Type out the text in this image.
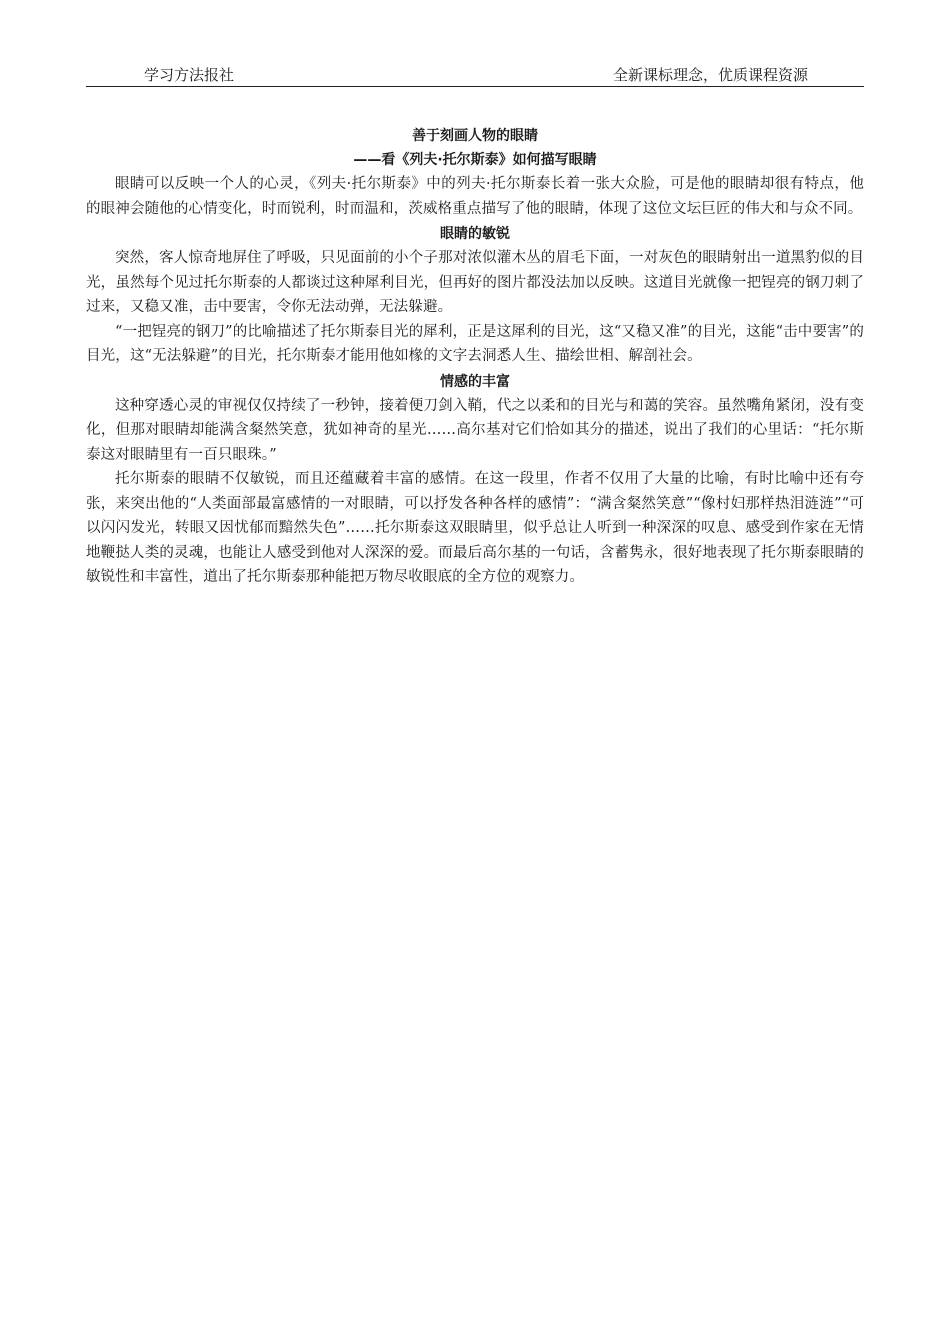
学习方法报社	全新课标理念，优质课程资源
善于刻画人物的眼睛
——看《列夫·托尔斯泰》如何描写眼睛

眼睛可以反映一个人的心灵，《列夫·托尔斯泰》中的列夫·托尔斯泰长着一张大众脸，可是他的眼睛却很有特点，他的眼神会随他的心情变化，时而锐利，时而温和，茨威格重点描写了他的眼睛，体现了这位文坛巨匠的伟大和与众不同。

眼睛的敏锐

突然，客人惊奇地屏住了呼吸，只见面前的小个子那对浓似灌木丛的眉毛下面，一对灰色的眼睛射出一道黑豹似的目光，虽然每个见过托尔斯泰的人都谈过这种犀利目光，但再好的图片都没法加以反映。这道目光就像一把锃亮的钢刀刺了过来，又稳又准，击中要害，令你无法动弹，无法躲避。

“一把锃亮的钢刀”的比喻描述了托尔斯泰目光的犀利，正是这犀利的目光，这“又稳又准”的目光，这能“击中要害”的目光，这“无法躲避”的目光，托尔斯泰才能用他如椽的文字去洞悉人生、描绘世相、解剖社会。

情感的丰富

这种穿透心灵的审视仅仅持续了一秒钟，接着便刀剑入鞘，代之以柔和的目光与和蔼的笑容。虽然嘴角紧闭，没有变化，但那对眼睛却能满含粲然笑意，犹如神奇的星光……高尔基对它们恰如其分的描述，说出了我们的心里话：“托尔斯泰这对眼睛里有一百只眼珠。”

托尔斯泰的眼睛不仅敏锐，而且还蕴藏着丰富的感情。在这一段里，作者不仅用了大量的比喻，有时比喻中还有夸张，来突出他的“人类面部最富感情的一对眼睛，可以抒发各种各样的感情”：“满含粲然笑意”“像村妇那样热泪涟涟”“可以闪闪发光，转眼又因忧郁而黯然失色”……托尔斯泰这双眼睛里，似乎总让人听到一种深深的叹息、感受到作家在无情地鞭挞人类的灵魂，也能让人感受到他对人深深的爱。而最后高尔基的一句话，含蓄隽永，很好地表现了托尔斯泰眼睛的敏锐性和丰富性，道出了托尔斯泰那种能把万物尽收眼底的全方位的观察力。
